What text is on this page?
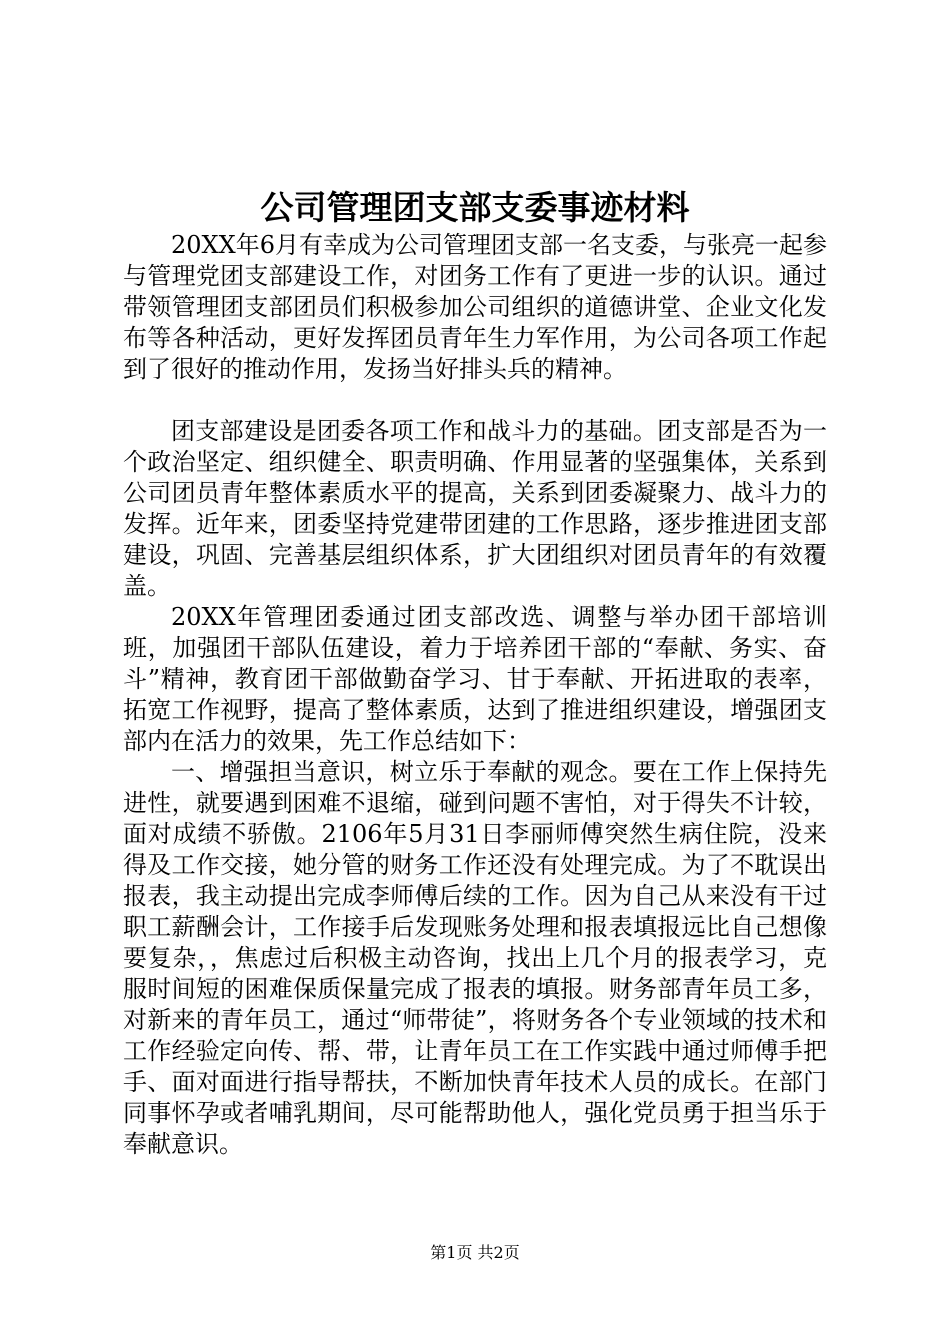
公司管理团支部支委事迹材料

20XX年6月有幸成为公司管理团支部一名支委，与张亮一起参与管理党团支部建设工作，对团务工作有了更进一步的认识。通过带领管理团支部团员们积极参加公司组织的道德讲堂、企业文化发布等各种活动，更好发挥团员青年生力军作用，为公司各项工作起到了很好的推动作用，发扬当好排头兵的精神。

团支部建设是团委各项工作和战斗力的基础。团支部是否为一个政治坚定、组织健全、职责明确、作用显著的坚强集体，关系到公司团员青年整体素质水平的提高，关系到团委凝聚力、战斗力的发挥。近年来，团委坚持党建带团建的工作思路，逐步推进团支部建设，巩固、完善基层组织体系，扩大团组织对团员青年的有效覆盖。

20XX年管理团委通过团支部改选、调整与举办团干部培训班，加强团干部队伍建设，着力于培养团干部的“奉献、务实、奋斗”精神，教育团干部做勤奋学习、甘于奉献、开拓进取的表率，拓宽工作视野，提高了整体素质，达到了推进组织建设，增强团支部内在活力的效果，先工作总结如下：

一、增强担当意识，树立乐于奉献的观念。要在工作上保持先进性，就要遇到困难不退缩，碰到问题不害怕，对于得失不计较，面对成绩不骄傲。2106年5月31日李丽师傅突然生病住院，没来得及工作交接，她分管的财务工作还没有处理完成。为了不耽误出报表，我主动提出完成李师傅后续的工作。因为自己从来没有干过职工薪酬会计，工作接手后发现账务处理和报表填报远比自己想像要复杂，，焦虑过后积极主动咨询，找出上几个月的报表学习，克服时间短的困难保质保量完成了报表的填报。财务部青年员工多，对新来的青年员工，通过“师带徒”，将财务各个专业领域的技术和工作经验定向传、帮、带，让青年员工在工作实践中通过师傅手把手、面对面进行指导帮扶，不断加快青年技术人员的成长。在部门同事怀孕或者哺乳期间，尽可能帮助他人，强化党员勇于担当乐于奉献意识。

第1页 共2页
